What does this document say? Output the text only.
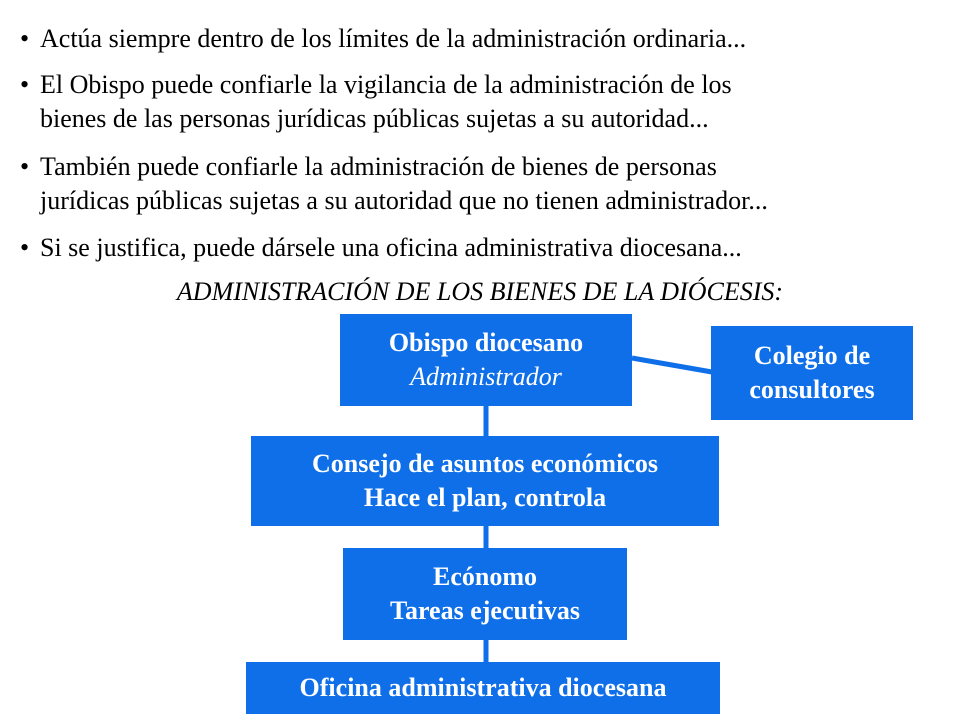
• Actúa siempre dentro de los límites de la administración ordinaria...
• El Obispo puede confiarle la vigilancia de la administración de los
bienes de las personas jurídicas públicas sujetas a su autoridad...
• También puede confiarle la administración de bienes de personas
jurídicas públicas sujetas a su autoridad que no tienen administrador...
• Si se justifica, puede dársele una oficina administrativa diocesana...
ADMINISTRACIÓN DE LOS BIENES DE LA DIÓCESIS:
Obispo diocesano
Administrador
Colegio de
consultores
Consejo de asuntos económicos
Hace el plan, controla
Ecónomo
Tareas ejecutivas
Oficina administrativa diocesana
